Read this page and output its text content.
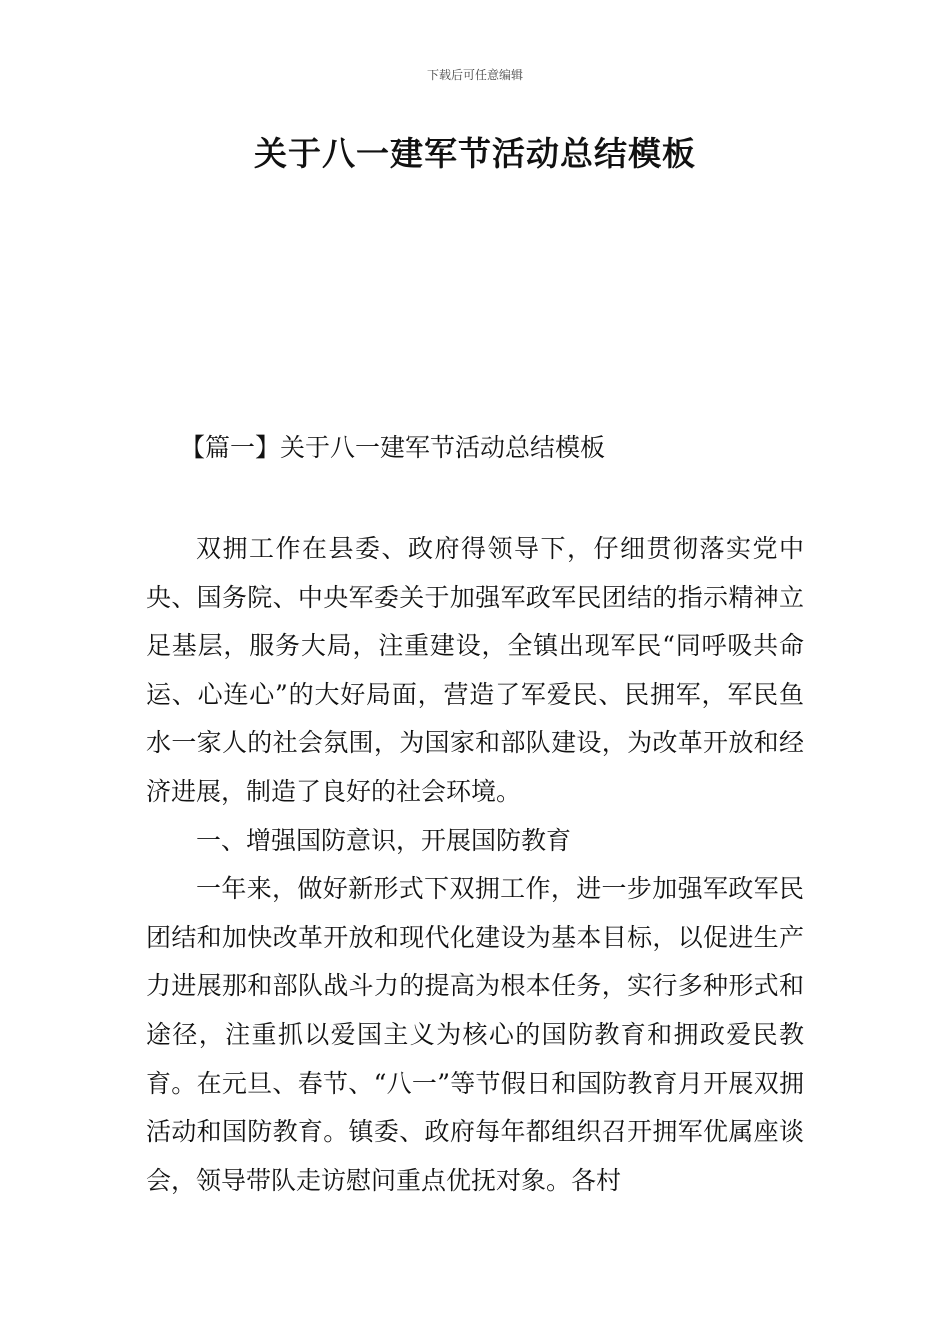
下载后可任意编辑
关于八一建军节活动总结模板
【篇一】关于八一建军节活动总结模板

双拥工作在县委、政府得领导下，仔细贯彻落实党中央、国务院、中央军委关于加强军政军民团结的指示精神立足基层，服务大局，注重建设，全镇出现军民“同呼吸共命运、心连心”的大好局面，营造了军爱民、民拥军，军民鱼水一家人的社会氛围，为国家和部队建设，为改革开放和经济进展，制造了良好的社会环境。

一、增强国防意识，开展国防教育

一年来，做好新形式下双拥工作，进一步加强军政军民团结和加快改革开放和现代化建设为基本目标，以促进生产力进展那和部队战斗力的提高为根本任务，实行多种形式和途径，注重抓以爱国主义为核心的国防教育和拥政爱民教育。在元旦、春节、“八一”等节假日和国防教育月开展双拥活动和国防教育。镇委、政府每年都组织召开拥军优属座谈会，领导带队走访慰问重点优抚对象。各村
